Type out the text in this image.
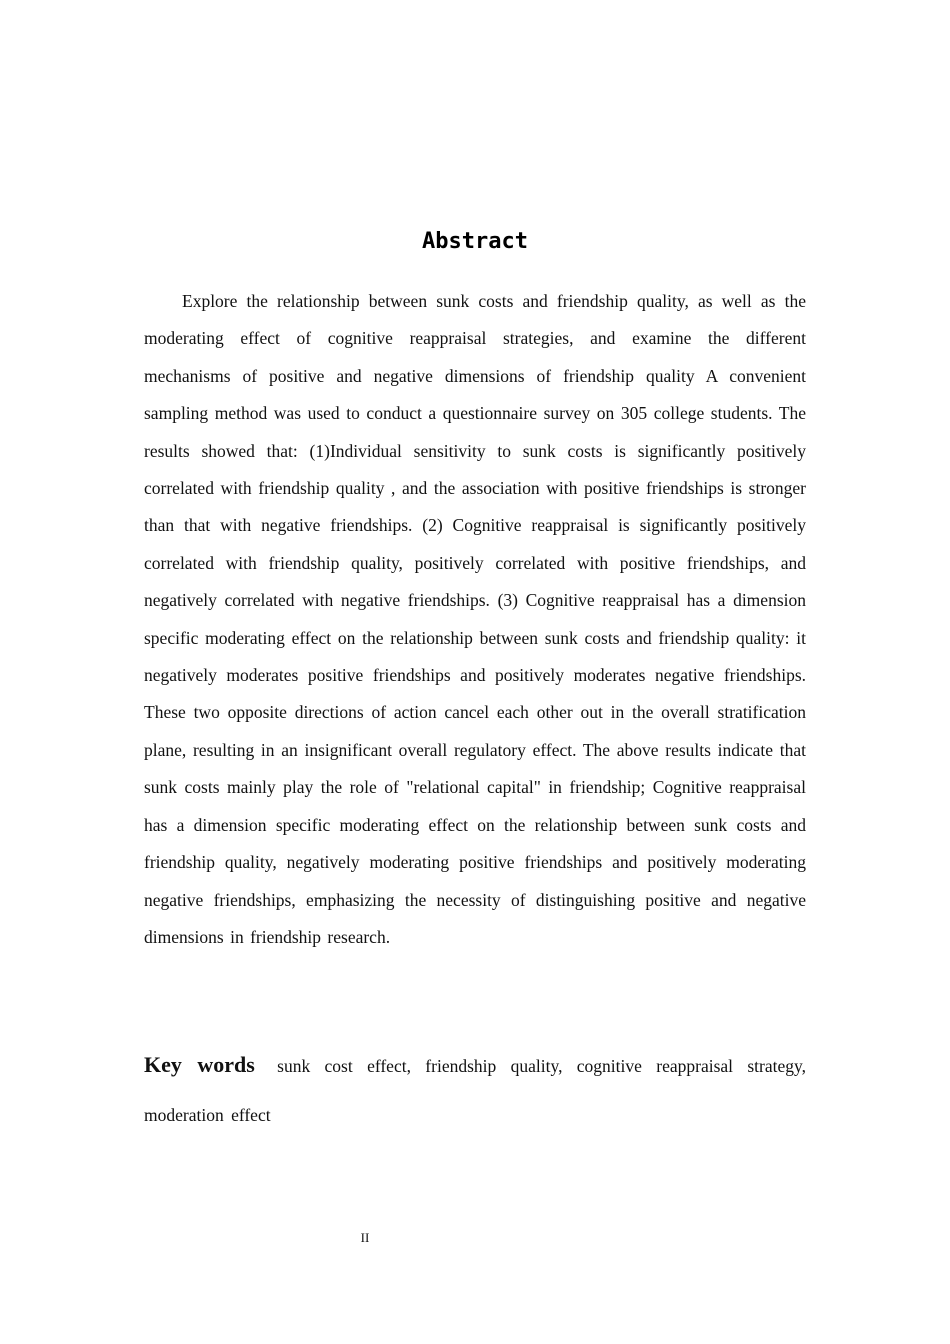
Abstract

Explore the relationship between sunk costs and friendship quality, as well as the moderating effect of cognitive reappraisal strategies, and examine the different mechanisms of positive and negative dimensions of friendship quality A convenient sampling method was used to conduct a questionnaire survey on 305 college students. The results showed that: (1)Individual sensitivity to sunk costs is significantly positively correlated with friendship quality , and the association with positive friendships is stronger than that with negative friendships. (2) Cognitive reappraisal is significantly positively correlated with friendship quality, positively correlated with positive friendships, and negatively correlated with negative friendships. (3) Cognitive reappraisal has a dimension specific moderating effect on the relationship between sunk costs and friendship quality: it negatively moderates positive friendships and positively moderates negative friendships. These two opposite directions of action cancel each other out in the overall stratification plane, resulting in an insignificant overall regulatory effect. The above results indicate that sunk costs mainly play the role of "relational capital" in friendship; Cognitive reappraisal has a dimension specific moderating effect on the relationship between sunk costs and friendship quality, negatively moderating positive friendships and positively moderating negative friendships, emphasizing the necessity of distinguishing positive and negative dimensions in friendship research.

Key words sunk cost effect, friendship quality, cognitive reappraisal strategy, moderation effect

II
